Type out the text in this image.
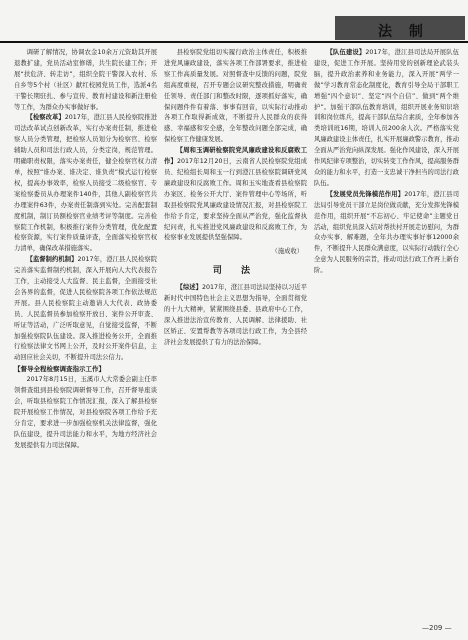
法 制

调研了解情况，协调农金10余万元资助其开展退教扩建，党员活动室修缮，共生院长建工作；开展“扶危济、转走访”，组织全院干警深入农村、乐自乡等5个村（社区）献红校园党员工作，选派4名干警长期驻扎、参与宣传、教育村建设和新注册检等工作，为群众办实事做好事。

【检察改革】2017年，澄江县人民检察院推进司法改革试点创新改革，实行办案责任制，推进检察人员分类管理，把检察人员划分为检察官、检察辅助人员和司法行政人员，分类定岗，规范管理。明确职责权限，落实办案责任，健全检察官权力清单，按照“谁办案、谁决定、谁负责”模式运行检察权，提高办事效率，检察人员接受二级检察官、专案检察委员从办理案件140件，其他人副检察官共办理案件63件，办案责任制落到实处。完善配套制度机制，制订员额检察官业绩考评等制度。完善检察院工作机制，积极推行案件分类管理，优化配置检察资源，实行案件质量评查，全面落实检察官权力清单，确保改革措施落实。

【监督制约机制】2017年，澄江县人民检察院完善落实监督制约机制，深入开展向人大代表报告工作，主动接受人大监督、民主监督，全面接受社会各界的监督，促进人民检察院各项工作依法规范开展。县人民检察院主动邀请人大代表、政协委员、人民监督员参加检察开放日、案件公开审查、听证等活动，广泛听取意见，自觉接受监督，不断加强检察院队伍建设。深入推进检务公开，全面推行检察法律文书网上公开，及时公开案件信息，主动回应社会关切，不断提升司法公信力。

【督导全程检察调查指示工作】

2017年8月15日，玉溪市人大常委会副主任率领督查组到县检察院调研督导工作，召开督导座谈会，听取县检察院工作情况汇报，深入了解县检察院开展检察工作情况，对县检察院各项工作给予充分肯定，要求进一步加强检察机关法律监督，强化队伍建设，提升司法能力和水平，为地方经济社会发展提供有力司法保障。

县检察院党组切实履行政治主体责任，积极推进党风廉政建设，落实各项工作部署要求，推进检察工作高质量发展。对照督查中反馈的问题，院党组高度重视，召开专题会议研究整改措施，明确责任领导、责任部门和整改时限，逐项抓好落实，确保问题件件有着落、事事有回音，以实际行动推动各项工作取得新成效，不断提升人民群众的获得感、幸福感和安全感，全年整改问题全部完成，确保检察工作健康发展。

【周和玉调研检察院党风廉政建设和反腐败工作】2017年12月20日，云南省人民检察院党组成员、纪检组长周和玉一行到澄江县检察院调研党风廉政建设和反腐败工作。周和玉实地查看县检察院办案区、检务公开大厅、案件管理中心等场所，听取县检察院党风廉政建设情况汇报，对县检察院工作给予肯定，要求坚持全面从严治党，强化监督执纪问责，扎实推进党风廉政建设和反腐败工作，为检察事业发展提供坚强保障。

（施成收）

司 法

【综述】2017年，澄江县司法局坚持以习近平新时代中国特色社会主义思想为指导，全面贯彻党的十九大精神，紧紧围绕县委、县政府中心工作，深入推进法治宣传教育、人民调解、法律援助、社区矫正、安置帮教等各项司法行政工作，为全县经济社会发展提供了有力的法治保障。

【队伍建设】2017年，澄江县司法局开展队伍建设，促进工作开展。坚持用党的创新理论武装头脑，提升政治素养和业务能力，深入开展“两学一做”学习教育常态化制度化，教育引导全局干部职工增强“四个意识”、坚定“四个自信”、做到“两个维护”。加强干部队伍教育培训，组织开展业务知识培训和岗位练兵，提高干部队伍综合素质，全年参加各类培训班16期，培训人员200余人次。严格落实党风廉政建设主体责任，扎实开展廉政警示教育，推动全面从严治党向纵深发展。强化作风建设，深入开展作风纪律专项整治，切实转变工作作风，提高服务群众的能力和水平，打造一支忠诚干净担当的司法行政队伍。

【发展党员先锋模范作用】2017年，澄江县司法局引导党员干部立足岗位做贡献，充分发挥先锋模范作用，组织开展“不忘初心、牢记使命”主题党日活动，组织党员深入结对帮扶村开展走访慰问，为群众办实事、解难题，全年共办理实事好事12000余件，不断提升人民群众满意度，以实际行动践行全心全意为人民服务的宗旨，推动司法行政工作再上新台阶。

— 209 —
